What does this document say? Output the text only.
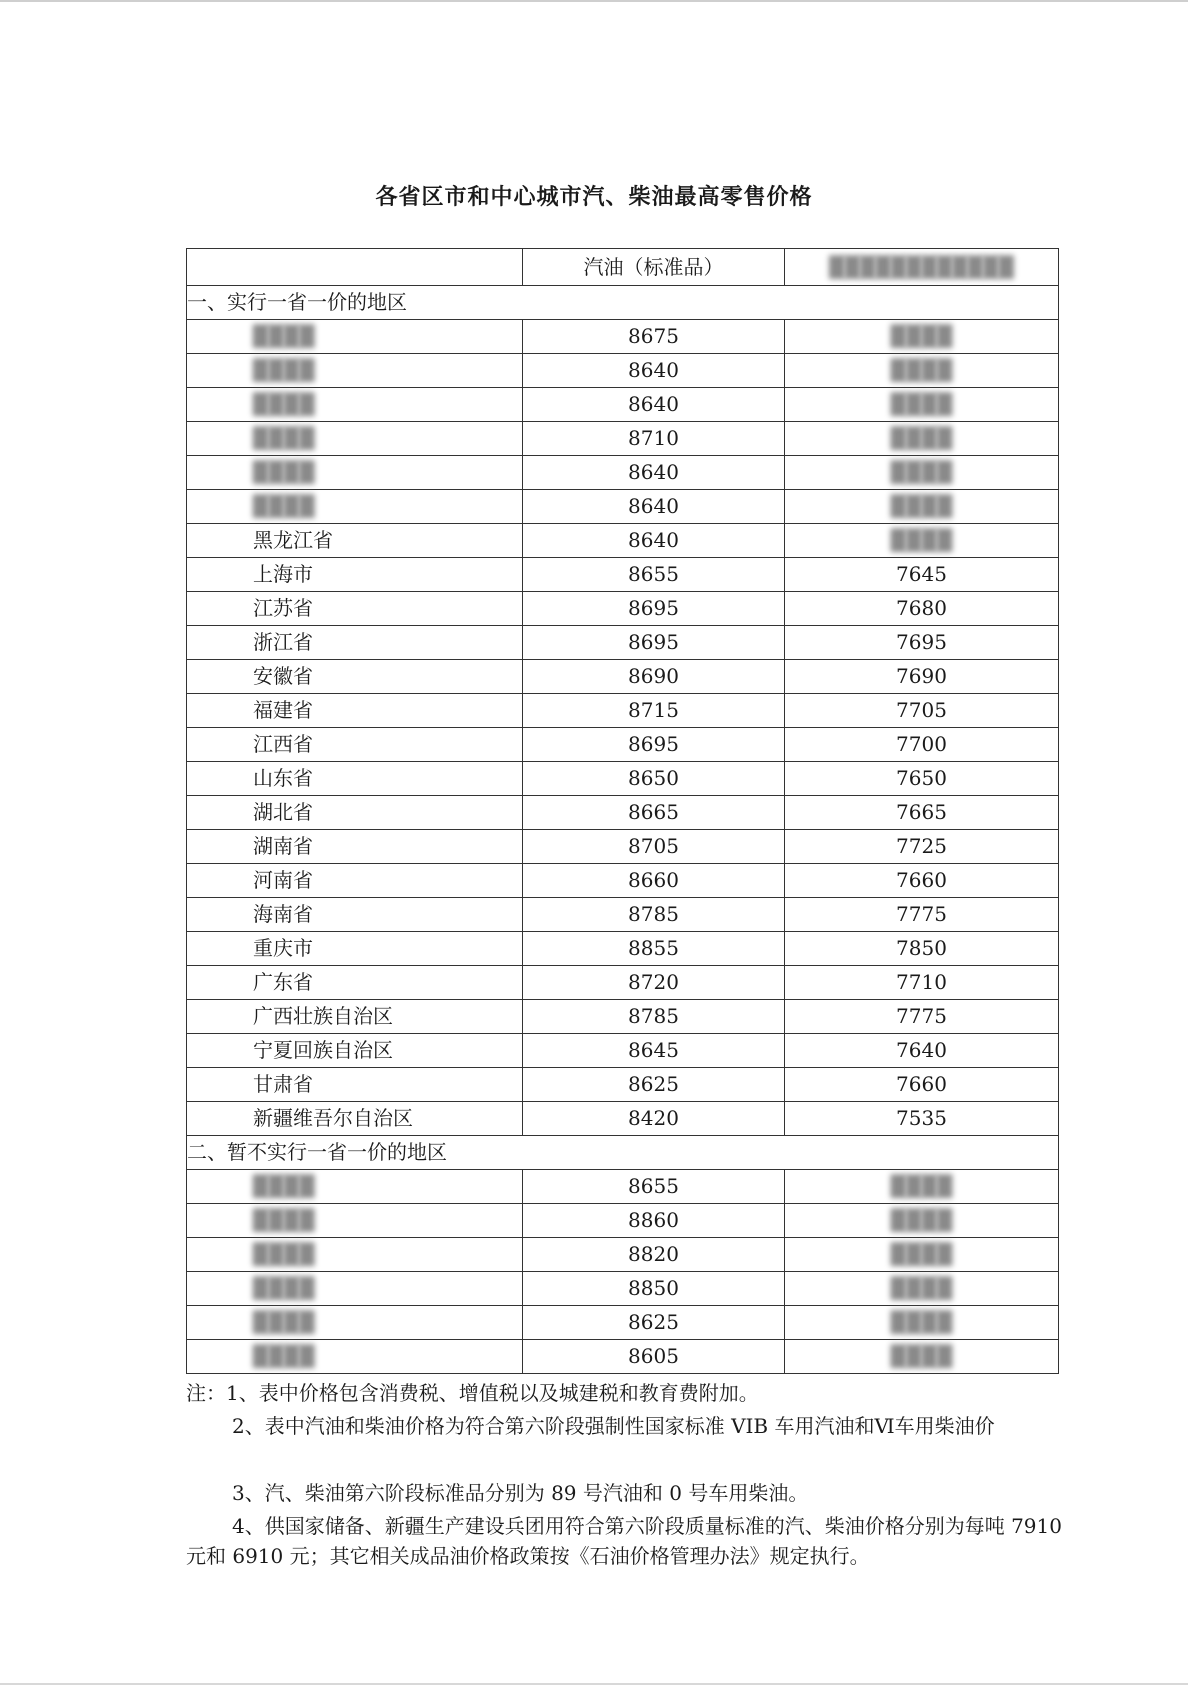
各省区市和中心城市汽、柴油最高零售价格
	汽油（标准品）	████████████
一、实行一省一价的地区		
████	8675	████
████	8640	████
████	8640	████
████	8710	████
████	8640	████
████	8640	████
黑龙江省	8640	████
上海市	8655	7645
江苏省	8695	7680
浙江省	8695	7695
安徽省	8690	7690
福建省	8715	7705
江西省	8695	7700
山东省	8650	7650
湖北省	8665	7665
湖南省	8705	7725
河南省	8660	7660
海南省	8785	7775
重庆市	8855	7850
广东省	8720	7710
广西壮族自治区	8785	7775
宁夏回族自治区	8645	7640
甘肃省	8625	7660
新疆维吾尔自治区	8420	7535
二、暂不实行一省一价的地区		
████	8655	████
████	8860	████
████	8820	████
████	8850	████
████	8625	████
████	8605	████

注：1、表中价格包含消费税、增值税以及城建税和教育费附加。

2、表中汽油和柴油价格为符合第六阶段强制性国家标准 VIB 车用汽油和Ⅵ车用柴油价

3、汽、柴油第六阶段标准品分别为 89 号汽油和 0 号车用柴油。

4、供国家储备、新疆生产建设兵团用符合第六阶段质量标准的汽、柴油价格分别为每吨 7910 元和 6910 元；其它相关成品油价格政策按《石油价格管理办法》规定执行。
